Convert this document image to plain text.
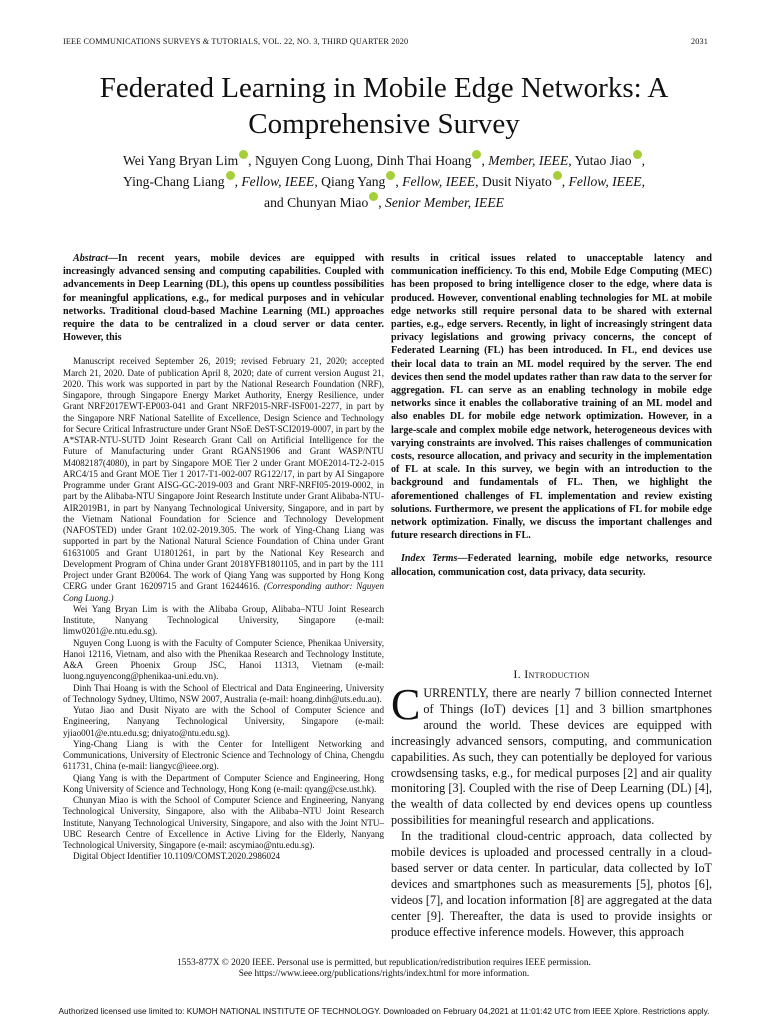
IEEE COMMUNICATIONS SURVEYS & TUTORIALS, VOL. 22, NO. 3, THIRD QUARTER 2020	2031
Federated Learning in Mobile Edge Networks: A Comprehensive Survey
Wei Yang Bryan Lim , Nguyen Cong Luong, Dinh Thai Hoang , Member, IEEE, Yutao Jiao ,
Ying-Chang Liang , Fellow, IEEE, Qiang Yang , Fellow, IEEE, Dusit Niyato , Fellow, IEEE,
and Chunyan Miao , Senior Member, IEEE

Abstract—In recent years, mobile devices are equipped with increasingly advanced sensing and computing capabilities. Coupled with advancements in Deep Learning (DL), this opens up countless possibilities for meaningful applications, e.g., for medical purposes and in vehicular networks. Traditional cloud-based Machine Learning (ML) approaches require the data to be centralized in a cloud server or data center. However, this

Manuscript received September 26, 2019; revised February 21, 2020; accepted March 21, 2020. Date of publication April 8, 2020; date of current version August 21, 2020. This work was supported in part by the National Research Foundation (NRF), Singapore, through Singapore Energy Market Authority, Energy Resilience, under Grant NRF2017EWT-EP003-041 and Grant NRF2015-NRF-ISF001-2277, in part by the Singapore NRF National Satellite of Excellence, Design Science and Technology for Secure Critical Infrastructure under Grant NSoE DeST-SCI2019-0007, in part by the A*STAR-NTU-SUTD Joint Research Grant Call on Artificial Intelligence for the Future of Manufacturing under Grant RGANS1906 and Grant WASP/NTU M4082187(4080), in part by Singapore MOE Tier 2 under Grant MOE2014-T2-2-015 ARC4/15 and Grant MOE Tier 1 2017-T1-002-007 RG122/17, in part by AI Singapore Programme under Grant AISG-GC-2019-003 and Grant NRF-NRFI05-2019-0002, in part by the Alibaba-NTU Singapore Joint Research Institute under Grant Alibaba-NTU-AIR2019B1, in part by Nanyang Technological University, Singapore, and in part by the Vietnam National Foundation for Science and Technology Development (NAFOSTED) under Grant 102.02-2019.305. The work of Ying-Chang Liang was supported in part by the National Natural Science Foundation of China under Grant 61631005 and Grant U1801261, in part by the National Key Research and Development Program of China under Grant 2018YFB1801105, and in part by the 111 Project under Grant B20064. The work of Qiang Yang was supported by Hong Kong CERG under Grant 16209715 and Grant 16244616. (Corresponding author: Nguyen Cong Luong.)

Wei Yang Bryan Lim is with the Alibaba Group, Alibaba–NTU Joint Research Institute, Nanyang Technological University, Singapore (e-mail: limw0201@e.ntu.edu.sg).

Nguyen Cong Luong is with the Faculty of Computer Science, Phenikaa University, Hanoi 12116, Vietnam, and also with the Phenikaa Research and Technology Institute, A&A Green Phoenix Group JSC, Hanoi 11313, Vietnam (e-mail: luong.nguyencong@phenikaa-uni.edu.vn).

Dinh Thai Hoang is with the School of Electrical and Data Engineering, University of Technology Sydney, Ultimo, NSW 2007, Australia (e-mail: hoang.dinh@uts.edu.au).

Yutao Jiao and Dusit Niyato are with the School of Computer Science and Engineering, Nanyang Technological University, Singapore (e-mail: yjiao001@e.ntu.edu.sg; dniyato@ntu.edu.sg).

Ying-Chang Liang is with the Center for Intelligent Networking and Communications, University of Electronic Science and Technology of China, Chengdu 611731, China (e-mail: liangyc@ieee.org).

Qiang Yang is with the Department of Computer Science and Engineering, Hong Kong University of Science and Technology, Hong Kong (e-mail: qyang@cse.ust.hk).

Chunyan Miao is with the School of Computer Science and Engineering, Nanyang Technological University, Singapore, also with the Alibaba–NTU Joint Research Institute, Nanyang Technological University, Singapore, and also with the Joint NTU–UBC Research Centre of Excellence in Active Living for the Elderly, Nanyang Technological University, Singapore (e-mail: ascymiao@ntu.edu.sg).

Digital Object Identifier 10.1109/COMST.2020.2986024

results in critical issues related to unacceptable latency and communication inefficiency. To this end, Mobile Edge Computing (MEC) has been proposed to bring intelligence closer to the edge, where data is produced. However, conventional enabling technologies for ML at mobile edge networks still require personal data to be shared with external parties, e.g., edge servers. Recently, in light of increasingly stringent data privacy legislations and growing privacy concerns, the concept of Federated Learning (FL) has been introduced. In FL, end devices use their local data to train an ML model required by the server. The end devices then send the model updates rather than raw data to the server for aggregation. FL can serve as an enabling technology in mobile edge networks since it enables the collaborative training of an ML model and also enables DL for mobile edge network optimization. However, in a large-scale and complex mobile edge network, heterogeneous devices with varying constraints are involved. This raises challenges of communication costs, resource allocation, and privacy and security in the implementation of FL at scale. In this survey, we begin with an introduction to the background and fundamentals of FL. Then, we highlight the aforementioned challenges of FL implementation and review existing solutions. Furthermore, we present the applications of FL for mobile edge network optimization. Finally, we discuss the important challenges and future research directions in FL.

Index Terms—Federated learning, mobile edge networks, resource allocation, communication cost, data privacy, data security.

I. Introduction

CURRENTLY, there are nearly 7 billion connected Internet of Things (IoT) devices [1] and 3 billion smartphones around the world. These devices are equipped with increasingly advanced sensors, computing, and communication capabilities. As such, they can potentially be deployed for various crowdsensing tasks, e.g., for medical purposes [2] and air quality monitoring [3]. Coupled with the rise of Deep Learning (DL) [4], the wealth of data collected by end devices opens up countless possibilities for meaningful research and applications.

In the traditional cloud-centric approach, data collected by mobile devices is uploaded and processed centrally in a cloud-based server or data center. In particular, data collected by IoT devices and smartphones such as measurements [5], photos [6], videos [7], and location information [8] are aggregated at the data center [9]. Thereafter, the data is used to provide insights or produce effective inference models. However, this approach

1553-877X © 2020 IEEE. Personal use is permitted, but republication/redistribution requires IEEE permission.
See https://www.ieee.org/publications/rights/index.html for more information.
Authorized licensed use limited to: KUMOH NATIONAL INSTITUTE OF TECHNOLOGY. Downloaded on February 04,2021 at 11:01:42 UTC from IEEE Xplore. Restrictions apply.
